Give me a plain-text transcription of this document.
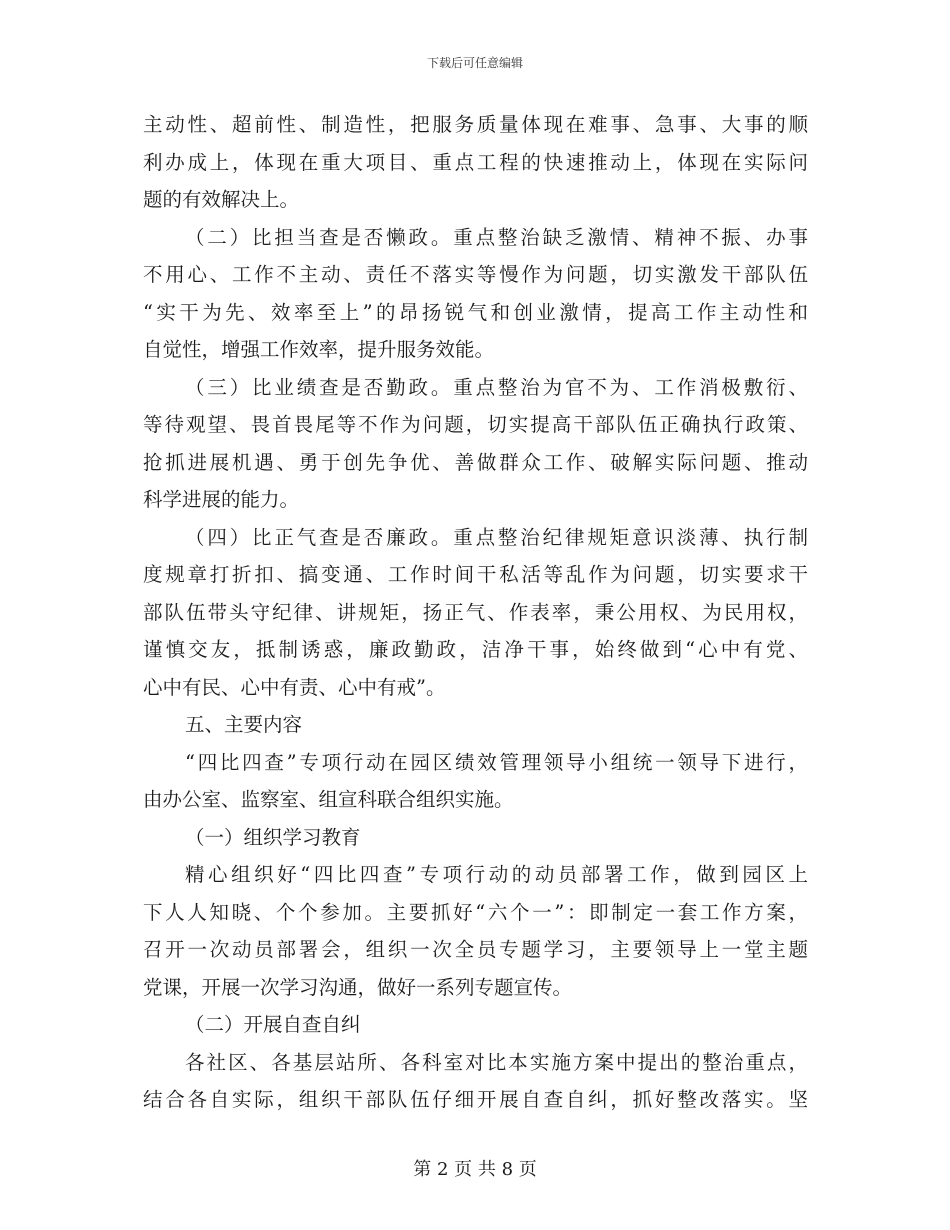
下载后可任意编辑
主动性、超前性、制造性，把服务质量体现在难事、急事、大事的顺
利办成上，体现在重大项目、重点工程的快速推动上，体现在实际问
题的有效解决上。
（二）比担当查是否懒政。重点整治缺乏激情、精神不振、办事
不用心、工作不主动、责任不落实等慢作为问题，切实激发干部队伍
“实干为先、效率至上”的昂扬锐气和创业激情，提高工作主动性和
自觉性，增强工作效率，提升服务效能。
（三）比业绩查是否勤政。重点整治为官不为、工作消极敷衍、
等待观望、畏首畏尾等不作为问题，切实提高干部队伍正确执行政策、
抢抓进展机遇、勇于创先争优、善做群众工作、破解实际问题、推动
科学进展的能力。
（四）比正气查是否廉政。重点整治纪律规矩意识淡薄、执行制
度规章打折扣、搞变通、工作时间干私活等乱作为问题，切实要求干
部队伍带头守纪律、讲规矩，扬正气、作表率，秉公用权、为民用权，
谨慎交友，抵制诱惑，廉政勤政，洁净干事，始终做到“心中有党、
心中有民、心中有责、心中有戒”。
五、主要内容
“四比四查”专项行动在园区绩效管理领导小组统一领导下进行，
由办公室、监察室、组宣科联合组织实施。
（一）组织学习教育
精心组织好“四比四查”专项行动的动员部署工作，做到园区上
下人人知晓、个个参加。主要抓好“六个一”：即制定一套工作方案，
召开一次动员部署会，组织一次全员专题学习，主要领导上一堂主题
党课，开展一次学习沟通，做好一系列专题宣传。
（二）开展自查自纠
各社区、各基层站所、各科室对比本实施方案中提出的整治重点，
结合各自实际，组织干部队伍仔细开展自查自纠，抓好整改落实。坚
第 2 页 共 8 页
